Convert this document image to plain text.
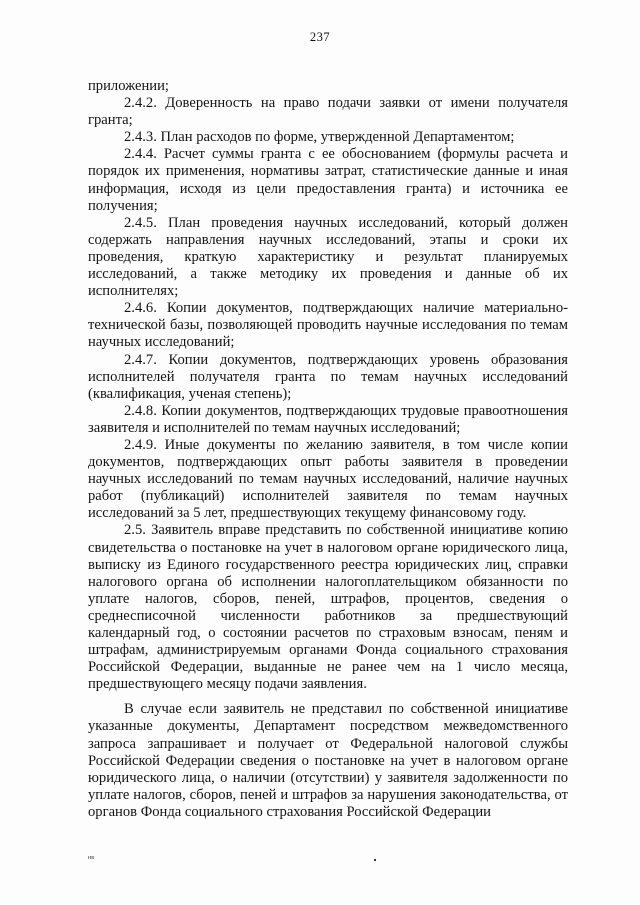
237

приложении;

2.4.2. Доверенность на право подачи заявки от имени получателя гранта;

2.4.3. План расходов по форме, утвержденной Департаментом;

2.4.4. Расчет суммы гранта с ее обоснованием (формулы расчета и порядок их применения, нормативы затрат, статистические данные и иная информация, исходя из цели предоставления гранта) и источника ее получения;

2.4.5. План проведения научных исследований, который должен содержать направления научных исследований, этапы и сроки их проведения, краткую характеристику и результат планируемых исследований, а также методику их проведения и данные об их исполнителях;

2.4.6. Копии документов, подтверждающих наличие материально-технической базы, позволяющей проводить научные исследования по темам научных исследований;

2.4.7. Копии документов, подтверждающих уровень образования исполнителей получателя гранта по темам научных исследований (квалификация, ученая степень);

2.4.8. Копии документов, подтверждающих трудовые правоотношения заявителя и исполнителей по темам научных исследований;

2.4.9. Иные документы по желанию заявителя, в том числе копии документов, подтверждающих опыт работы заявителя в проведении научных исследований по темам научных исследований, наличие научных работ (публикаций) исполнителей заявителя по темам научных исследований за 5 лет, предшествующих текущему финансовому году.

2.5. Заявитель вправе представить по собственной инициативе копию свидетельства о постановке на учет в налоговом органе юридического лица, выписку из Единого государственного реестра юридических лиц, справки налогового органа об исполнении налогоплательщиком обязанности по уплате налогов, сборов, пеней, штрафов, процентов, сведения о среднесписочной численности работников за предшествующий календарный год, о состоянии расчетов по страховым взносам, пеням и штрафам, администрируемым органами Фонда социального страхования Российской Федерации, выданные не ранее чем на 1 число месяца, предшествующего месяцу подачи заявления.

В случае если заявитель не представил по собственной инициативе указанные документы, Департамент посредством межведомственного запроса запрашивает и получает от Федеральной налоговой службы Российской Федерации сведения о постановке на учет в налоговом органе юридического лица, о наличии (отсутствии) у заявителя задолженности по уплате налогов, сборов, пеней и штрафов за нарушения законодательства, от органов Фонда социального страхования Российской Федерации

нв
